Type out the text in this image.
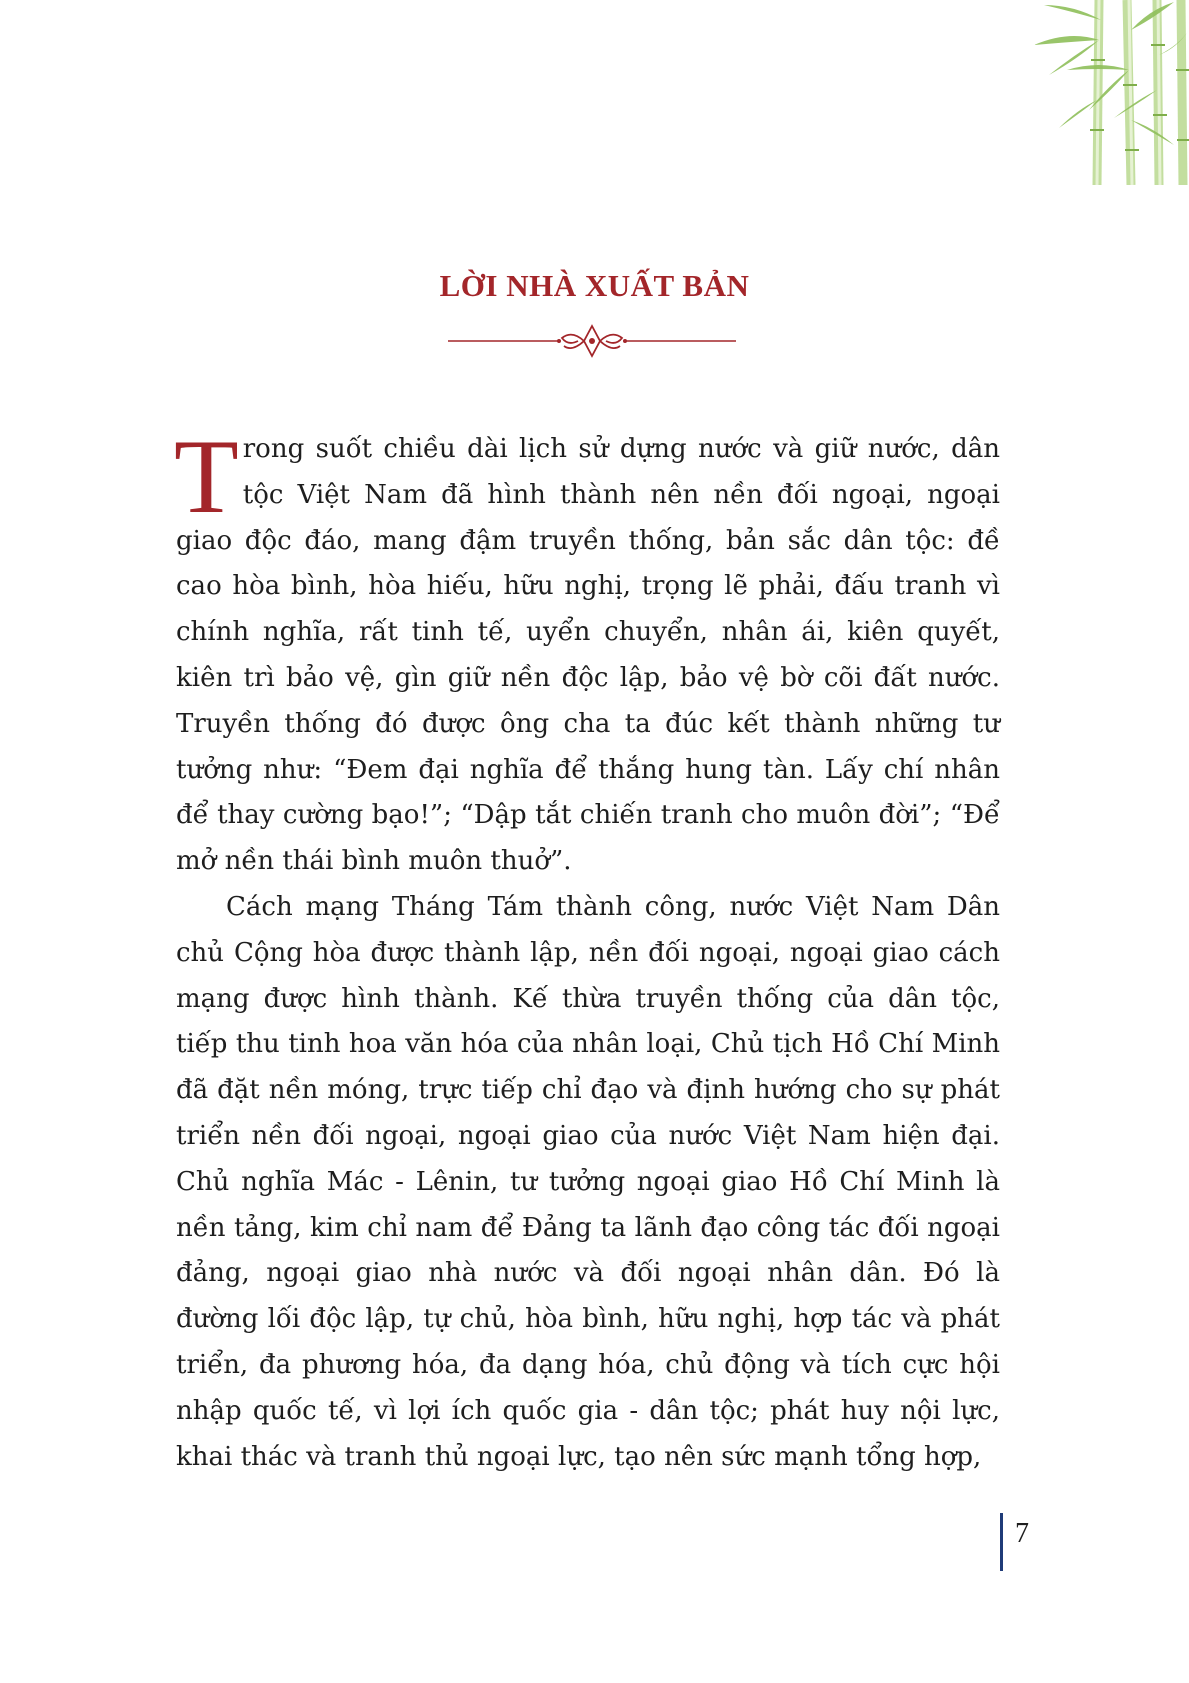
LỜI NHÀ XUẤT BẢN

Trong suốt chiều dài lịch sử dựng nước và giữ nước, dân tộc Việt Nam đã hình thành nên nền đối ngoại, ngoại giao độc đáo, mang đậm truyền thống, bản sắc dân tộc: đề cao hòa bình, hòa hiếu, hữu nghị, trọng lẽ phải, đấu tranh vì chính nghĩa, rất tinh tế, uyển chuyển, nhân ái, kiên quyết, kiên trì bảo vệ, gìn giữ nền độc lập, bảo vệ bờ cõi đất nước. Truyền thống đó được ông cha ta đúc kết thành những tư tưởng như: “Đem đại nghĩa để thắng hung tàn. Lấy chí nhân để thay cường bạo!”; “Dập tắt chiến tranh cho muôn đời”; “Để mở nền thái bình muôn thuở”.

Cách mạng Tháng Tám thành công, nước Việt Nam Dân chủ Cộng hòa được thành lập, nền đối ngoại, ngoại giao cách mạng được hình thành. Kế thừa truyền thống của dân tộc, tiếp thu tinh hoa văn hóa của nhân loại, Chủ tịch Hồ Chí Minh đã đặt nền móng, trực tiếp chỉ đạo và định hướng cho sự phát triển nền đối ngoại, ngoại giao của nước Việt Nam hiện đại. Chủ nghĩa Mác - Lênin, tư tưởng ngoại giao Hồ Chí Minh là nền tảng, kim chỉ nam để Đảng ta lãnh đạo công tác đối ngoại đảng, ngoại giao nhà nước và đối ngoại nhân dân. Đó là đường lối độc lập, tự chủ, hòa bình, hữu nghị, hợp tác và phát triển, đa phương hóa, đa dạng hóa, chủ động và tích cực hội nhập quốc tế, vì lợi ích quốc gia - dân tộc; phát huy nội lực, khai thác và tranh thủ ngoại lực, tạo nên sức mạnh tổng hợp,

7
